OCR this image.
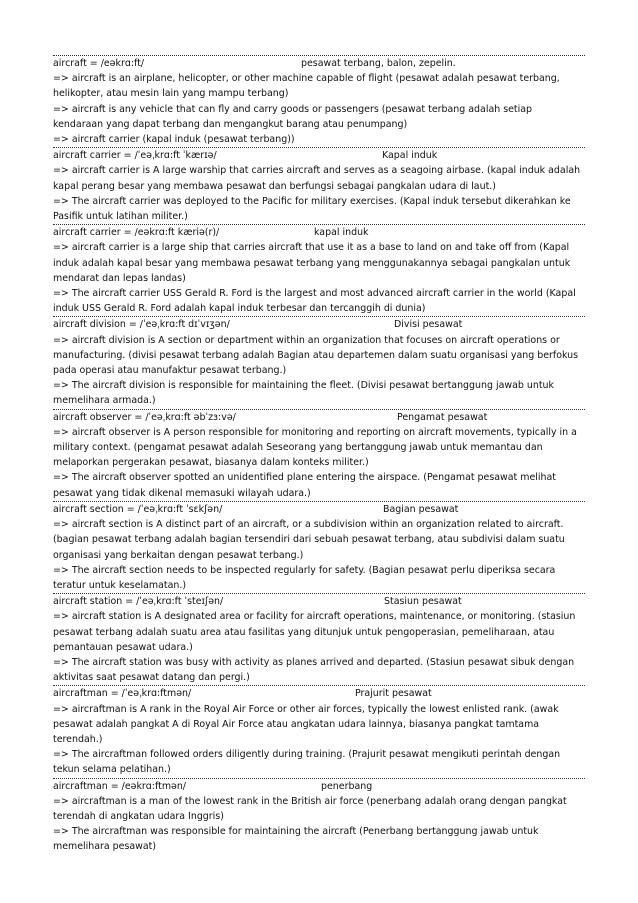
aircraft = /eəkrɑ:ft/	pesawat terbang, balon, zepelin.

=> aircraft is an airplane, helicopter, or other machine capable of flight (pesawat adalah pesawat terbang, helikopter, atau mesin lain yang mampu terbang)

=> aircraft is any vehicle that can fly and carry goods or passengers (pesawat terbang adalah setiap kendaraan yang dapat terbang dan mengangkut barang atau penumpang)

=> aircraft carrier (kapal induk (pesawat terbang))

aircraft carrier = /ˈeəˌkrɑ:ft ˈkærɪə/	Kapal induk

=> aircraft carrier is A large warship that carries aircraft and serves as a seagoing airbase. (kapal induk adalah kapal perang besar yang membawa pesawat dan berfungsi sebagai pangkalan udara di laut.)

=> The aircraft carrier was deployed to the Pacific for military exercises. (Kapal induk tersebut dikerahkan ke Pasifik untuk latihan militer.)

aircraft carrier = /eəkrɑ:ft kæriə(r)/	kapal induk

=> aircraft carrier is a large ship that carries aircraft that use it as a base to land on and take off from (Kapal induk adalah kapal besar yang membawa pesawat terbang yang menggunakannya sebagai pangkalan untuk mendarat dan lepas landas)

=> The aircraft carrier USS Gerald R. Ford is the largest and most advanced aircraft carrier in the world (Kapal induk USS Gerald R. Ford adalah kapal induk terbesar dan tercanggih di dunia)

aircraft division = /ˈeəˌkrɑ:ft dɪˈvɪʒən/	Divisi pesawat

=> aircraft division is A section or department within an organization that focuses on aircraft operations or manufacturing. (divisi pesawat terbang adalah Bagian atau departemen dalam suatu organisasi yang berfokus pada operasi atau manufaktur pesawat terbang.)

=> The aircraft division is responsible for maintaining the fleet. (Divisi pesawat bertanggung jawab untuk memelihara armada.)

aircraft observer = /ˈeəˌkrɑ:ft əbˈzɜ:və/	Pengamat pesawat

=> aircraft observer is A person responsible for monitoring and reporting on aircraft movements, typically in a military context. (pengamat pesawat adalah Seseorang yang bertanggung jawab untuk memantau dan melaporkan pergerakan pesawat, biasanya dalam konteks militer.)

=> The aircraft observer spotted an unidentified plane entering the airspace. (Pengamat pesawat melihat pesawat yang tidak dikenal memasuki wilayah udara.)

aircraft section = /ˈeəˌkrɑ:ft ˈsɛkʃən/	Bagian pesawat

=> aircraft section is A distinct part of an aircraft, or a subdivision within an organization related to aircraft. (bagian pesawat terbang adalah bagian tersendiri dari sebuah pesawat terbang, atau subdivisi dalam suatu organisasi yang berkaitan dengan pesawat terbang.)

=> The aircraft section needs to be inspected regularly for safety. (Bagian pesawat perlu diperiksa secara teratur untuk keselamatan.)

aircraft station = /ˈeəˌkrɑ:ft ˈsteɪʃən/	Stasiun pesawat

=> aircraft station is A designated area or facility for aircraft operations, maintenance, or monitoring. (stasiun pesawat terbang adalah suatu area atau fasilitas yang ditunjuk untuk pengoperasian, pemeliharaan, atau pemantauan pesawat udara.)

=> The aircraft station was busy with activity as planes arrived and departed. (Stasiun pesawat sibuk dengan aktivitas saat pesawat datang dan pergi.)

aircraftman = /ˈeəˌkrɑ:ftmən/	Prajurit pesawat

=> aircraftman is A rank in the Royal Air Force or other air forces, typically the lowest enlisted rank. (awak pesawat adalah pangkat A di Royal Air Force atau angkatan udara lainnya, biasanya pangkat tamtama terendah.)

=> The aircraftman followed orders diligently during training. (Prajurit pesawat mengikuti perintah dengan tekun selama pelatihan.)

aircraftman = /eəkrɑ:ftmən/	penerbang

=> aircraftman is a man of the lowest rank in the British air force (penerbang adalah orang dengan pangkat terendah di angkatan udara Inggris)

=> The aircraftman was responsible for maintaining the aircraft (Penerbang bertanggung jawab untuk memelihara pesawat)
